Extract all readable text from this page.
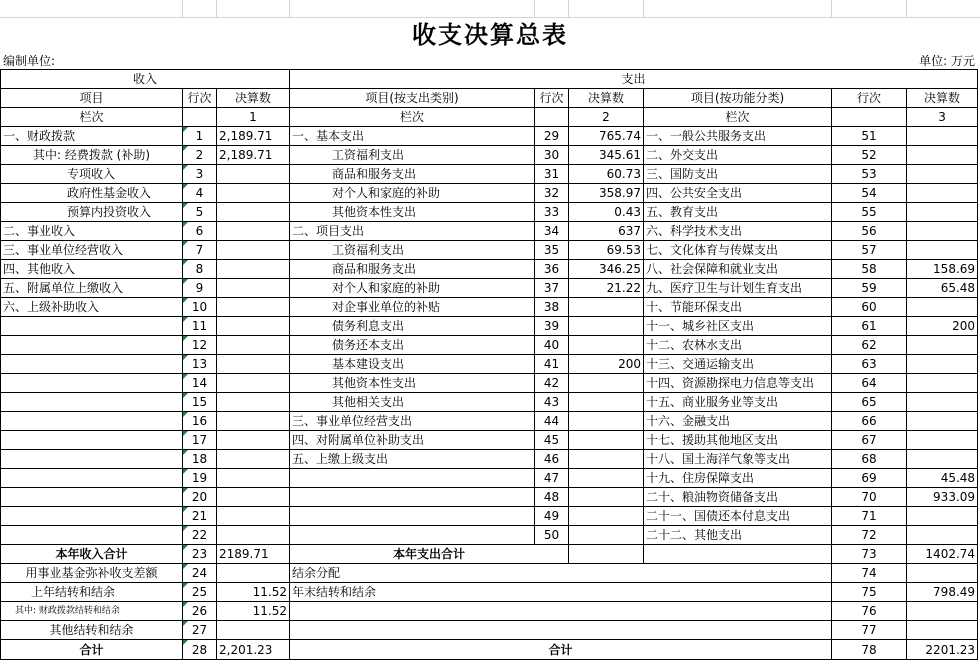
收支决算总表
编制单位:	单位: 万元
收入			支出					
项目	行次	决算数	项目(按支出类别)	行次	决算数	项目(按功能分类)	行次	决算数
栏次		1	栏次		2	栏次		3
一、财政拨款	1	2,189.71	一、基本支出	29	765.74	一、一般公共服务支出	51	
其中: 经费拨款 (补助)	2	2,189.71	工资福利支出	30	345.61	二、外交支出	52	
专项收入	3		商品和服务支出	31	60.73	三、国防支出	53	
政府性基金收入	4		对个人和家庭的补助	32	358.97	四、公共安全支出	54	
预算内投资收入	5		其他资本性支出	33	0.43	五、教育支出	55	
二、事业收入	6		二、项目支出	34	637	六、科学技术支出	56	
三、事业单位经营收入	7		工资福利支出	35	69.53	七、文化体育与传媒支出	57	
四、其他收入	8		商品和服务支出	36	346.25	八、社会保障和就业支出	58	158.69
五、附属单位上缴收入	9		对个人和家庭的补助	37	21.22	九、医疗卫生与计划生育支出	59	65.48
六、上级补助收入	10		对企事业单位的补贴	38		十、节能环保支出	60	
	11		债务利息支出	39		十一、城乡社区支出	61	200
	12		债务还本支出	40		十二、农林水支出	62	
	13		基本建设支出	41	200	十三、交通运输支出	63	
	14		其他资本性支出	42		十四、资源勘探电力信息等支出	64	
	15		其他相关支出	43		十五、商业服务业等支出	65	
	16		三、事业单位经营支出	44		十六、金融支出	66	
	17		四、对附属单位补助支出	45		十七、援助其他地区支出	67	
	18		五、上缴上级支出	46		十八、国土海洋气象等支出	68	
	19			47		十九、住房保障支出	69	45.48
	20			48		二十、粮油物资储备支出	70	933.09
	21			49		二十一、国债还本付息支出	71	
	22			50		二十二、其他支出	72	
本年收入合计	23	2189.71	本年支出合计				73	1402.74
用事业基金弥补收支差额	24		结余分配				74	
上年结转和结余	25	11.52	年末结转和结余				75	798.49
其中: 财政拨款结转和结余	26	11.52					76	
其他结转和结余	27						77	
合计	28	2,201.23	合计				78	2201.23
